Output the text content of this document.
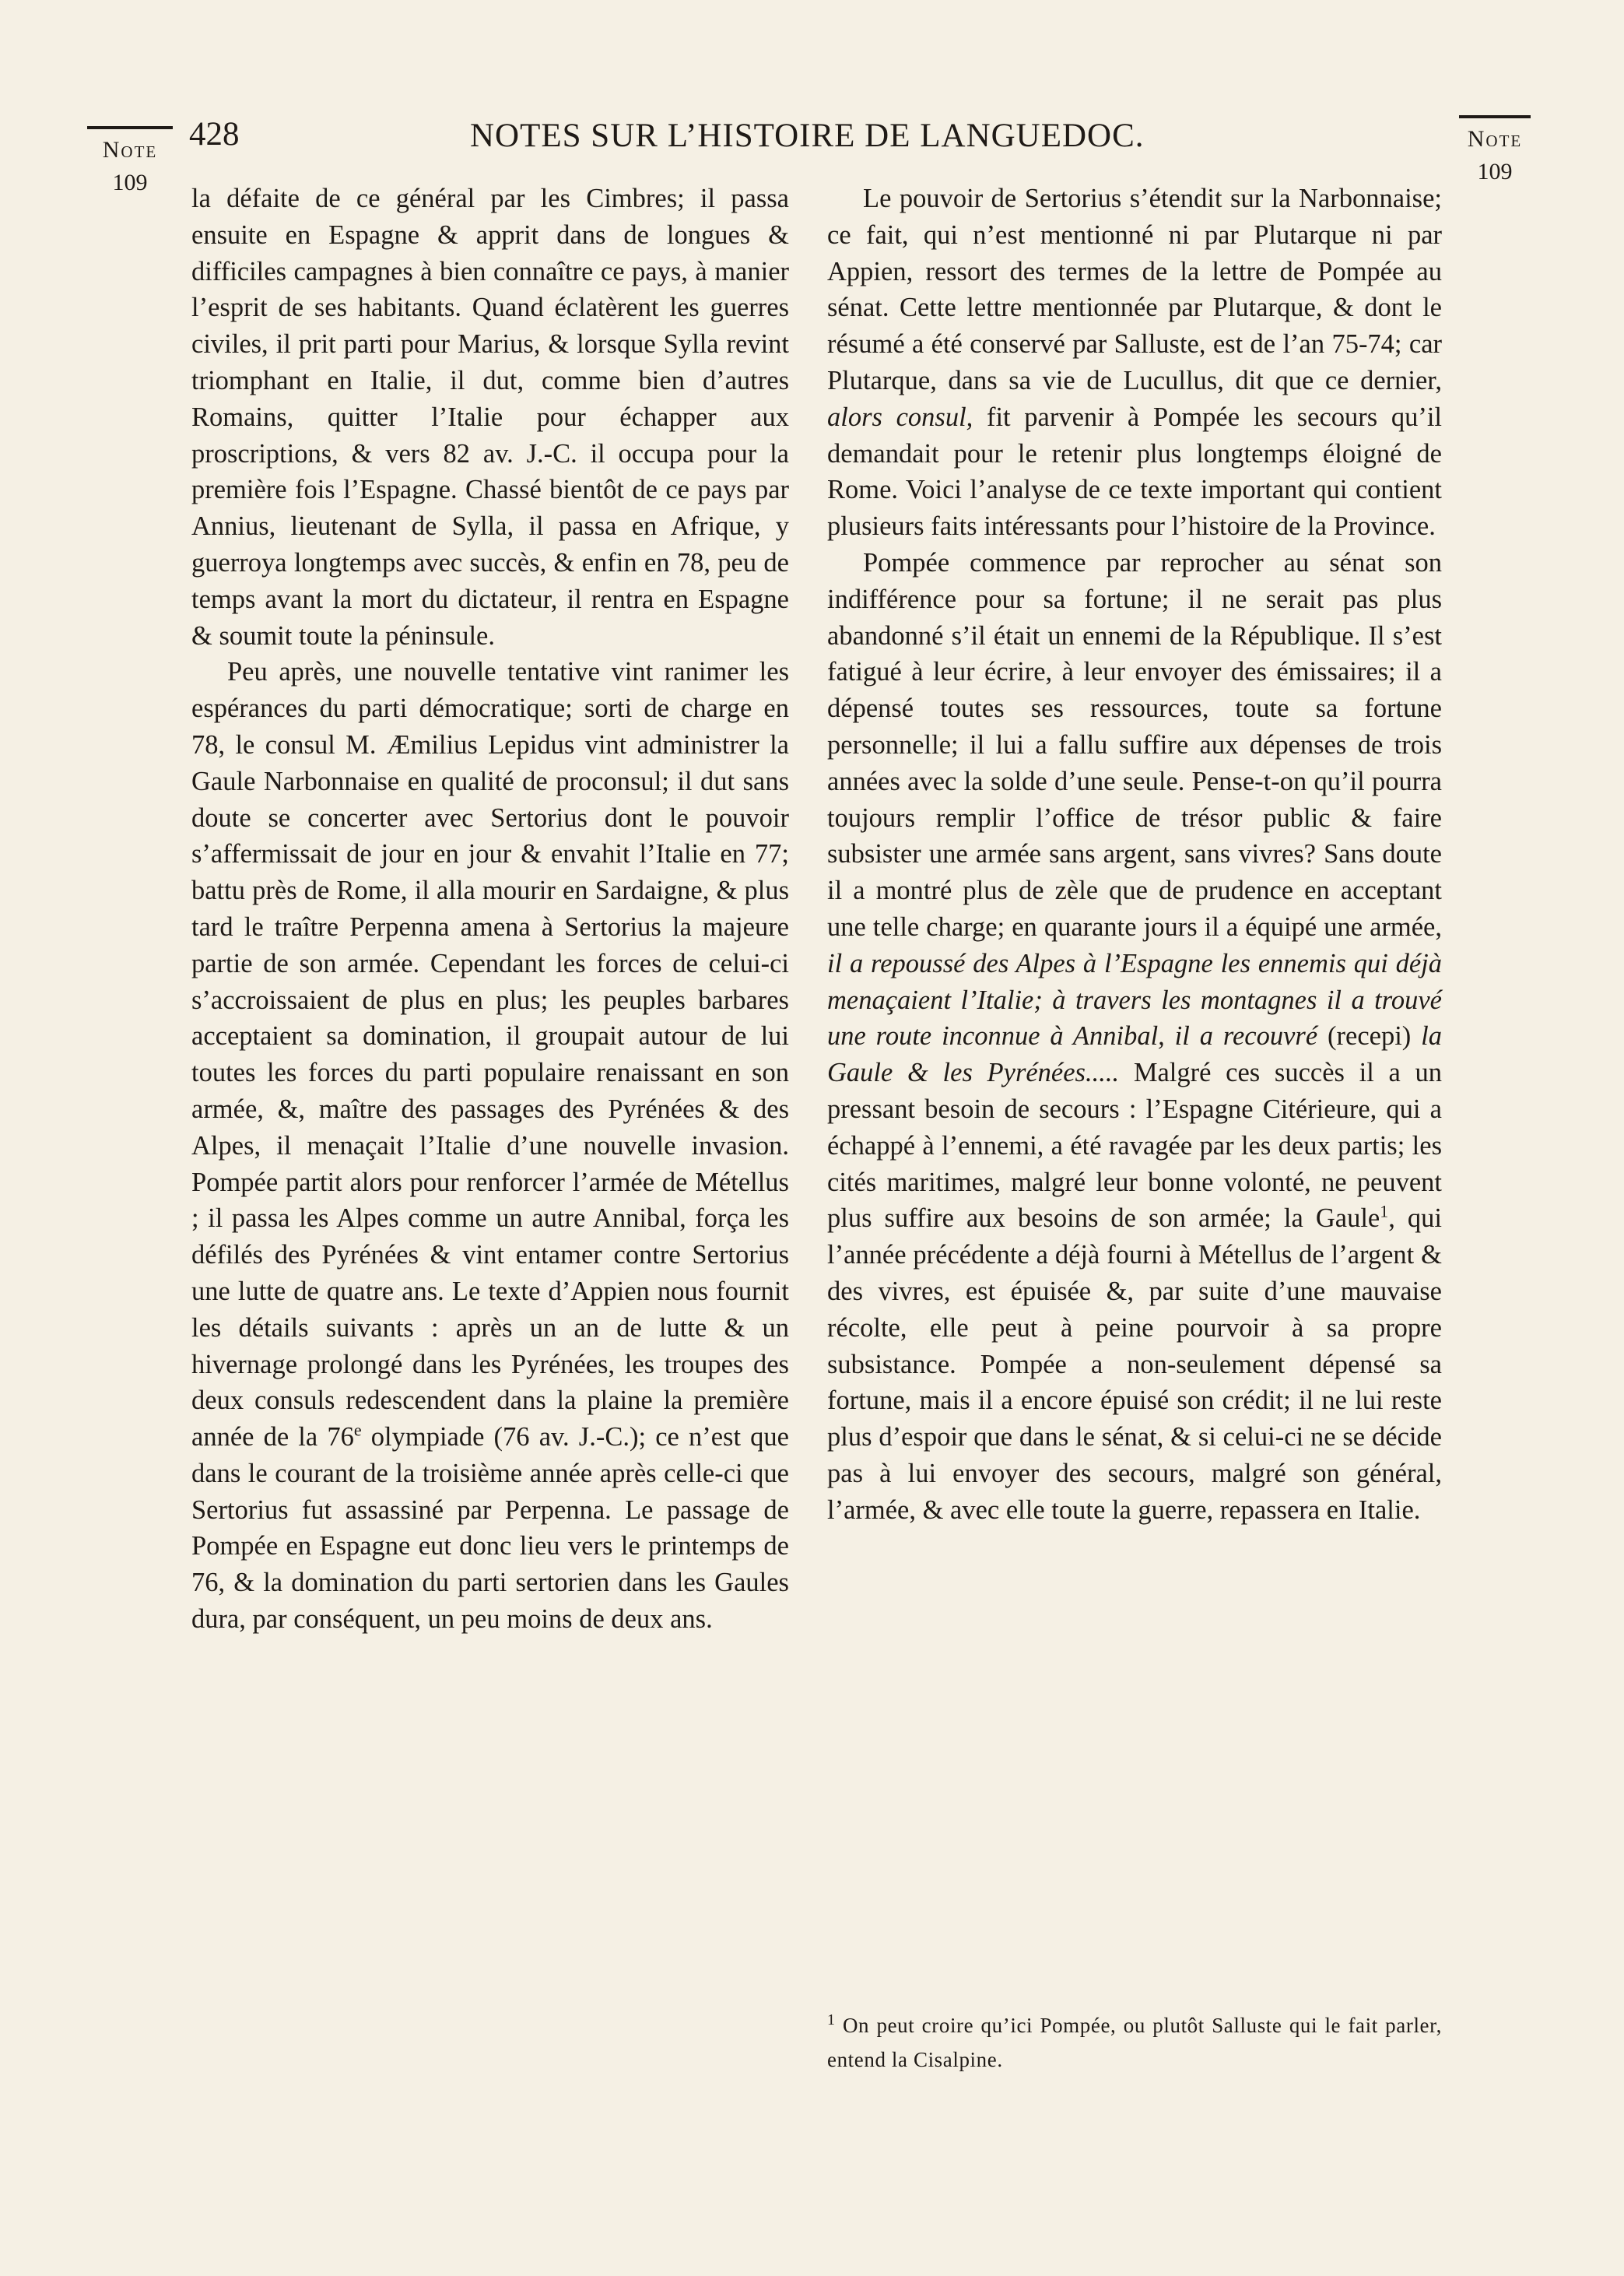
Note
109
Note
109
428	NOTES SUR L’HISTOIRE DE LANGUEDOC.

la défaite de ce général par les Cimbres; il passa ensuite en Espagne & apprit dans de longues & difficiles campagnes à bien connaître ce pays, à manier l’esprit de ses habitants. Quand éclatèrent les guerres civiles, il prit parti pour Marius, & lorsque Sylla revint triomphant en Italie, il dut, comme bien d’autres Romains, quitter l’Italie pour échapper aux proscriptions, & vers 82 av. J.-C. il occupa pour la première fois l’Espagne. Chassé bientôt de ce pays par Annius, lieutenant de Sylla, il passa en Afrique, y guerroya longtemps avec succès, & enfin en 78, peu de temps avant la mort du dictateur, il rentra en Espagne & soumit toute la péninsule.

Peu après, une nouvelle tentative vint ranimer les espérances du parti démocratique; sorti de charge en 78, le consul M. Æmilius Lepidus vint administrer la Gaule Narbonnaise en qualité de proconsul; il dut sans doute se concerter avec Sertorius dont le pouvoir s’affermissait de jour en jour & envahit l’Italie en 77; battu près de Rome, il alla mourir en Sardaigne, & plus tard le traître Perpenna amena à Sertorius la majeure partie de son armée. Cependant les forces de celui-ci s’accroissaient de plus en plus; les peuples barbares acceptaient sa domination, il groupait autour de lui toutes les forces du parti populaire renaissant en son armée, &, maître des passages des Pyrénées & des Alpes, il menaçait l’Italie d’une nouvelle invasion. Pompée partit alors pour renforcer l’armée de Métellus ; il passa les Alpes comme un autre Annibal, força les défilés des Pyrénées & vint entamer contre Sertorius une lutte de quatre ans. Le texte d’Appien nous fournit les détails suivants : après un an de lutte & un hivernage prolongé dans les Pyrénées, les troupes des deux consuls redescendent dans la plaine la première année de la 76e olympiade (76 av. J.-C.); ce n’est que dans le courant de la troisième année après celle-ci que Sertorius fut assassiné par Perpenna. Le passage de Pompée en Espagne eut donc lieu vers le printemps de 76, & la domination du parti sertorien dans les Gaules dura, par conséquent, un peu moins de deux ans.

Le pouvoir de Sertorius s’étendit sur la Narbonnaise; ce fait, qui n’est mentionné ni par Plutarque ni par Appien, ressort des termes de la lettre de Pompée au sénat. Cette lettre mentionnée par Plutarque, & dont le résumé a été conservé par Salluste, est de l’an 75-74; car Plutarque, dans sa vie de Lucullus, dit que ce dernier, alors consul, fit parvenir à Pompée les secours qu’il demandait pour le retenir plus longtemps éloigné de Rome. Voici l’analyse de ce texte important qui contient plusieurs faits intéressants pour l’histoire de la Province.

Pompée commence par reprocher au sénat son indifférence pour sa fortune; il ne serait pas plus abandonné s’il était un ennemi de la République. Il s’est fatigué à leur écrire, à leur envoyer des émissaires; il a dépensé toutes ses ressources, toute sa fortune personnelle; il lui a fallu suffire aux dépenses de trois années avec la solde d’une seule. Pense-t-on qu’il pourra toujours remplir l’office de trésor public & faire subsister une armée sans argent, sans vivres? Sans doute il a montré plus de zèle que de prudence en acceptant une telle charge; en quarante jours il a équipé une armée, il a repoussé des Alpes à l’Espagne les ennemis qui déjà menaçaient l’Italie; à travers les montagnes il a trouvé une route inconnue à Annibal, il a recouvré (recepi) la Gaule & les Pyrénées..... Malgré ces succès il a un pressant besoin de secours : l’Espagne Citérieure, qui a échappé à l’ennemi, a été ravagée par les deux partis; les cités maritimes, malgré leur bonne volonté, ne peuvent plus suffire aux besoins de son armée; la Gaule$^1$, qui l’année précédente a déjà fourni à Métellus de l’argent & des vivres, est épuisée &, par suite d’une mauvaise récolte, elle peut à peine pourvoir à sa propre subsistance. Pompée a non-seulement dépensé sa fortune, mais il a encore épuisé son crédit; il ne lui reste plus d’espoir que dans le sénat, & si celui-ci ne se décide pas à lui envoyer des secours, malgré son général, l’armée, & avec elle toute la guerre, repassera en Italie.

$^1$ On peut croire qu’ici Pompée, ou plutôt Salluste qui le fait parler, entend la Cisalpine.
